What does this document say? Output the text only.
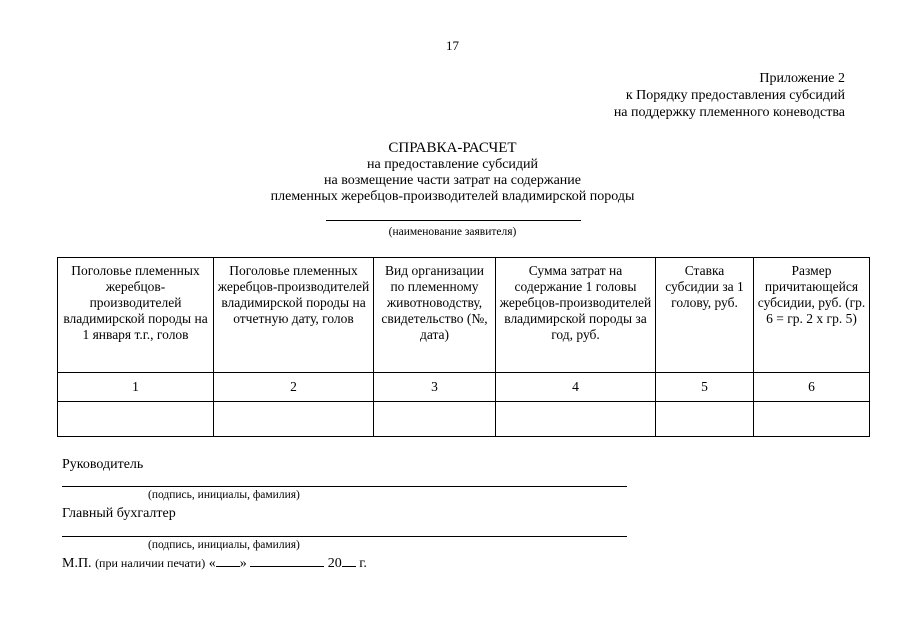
17
Приложение 2
к Порядку предоставления субсидий
на поддержку племенного коневодства
СПРАВКА-РАСЧЕТ
на предоставление субсидий
на возмещение части затрат на содержание
племенных жеребцов-производителей владимирской породы
(наименование заявителя)
Поголовье племенных жеребцов-производителей владимирской породы на 1 января т.г., голов	Поголовье племенных жеребцов-производителей владимирской породы на отчетную дату, голов	Вид организации по племенному животноводству, свидетельство (№, дата)	Сумма затрат на содержание 1 головы жеребцов-производителей владимирской породы за год, руб.	Ставка субсидии за 1 голову, руб.	Размер причитающейся субсидии, руб. (гр. 6 = гр. 2 х гр. 5)
1	2	3	4	5	6

Руководитель
(подпись, инициалы, фамилия)
Главный бухгалтер
(подпись, инициалы, фамилия)
М.П. (при наличии печати) « »	20 г.
